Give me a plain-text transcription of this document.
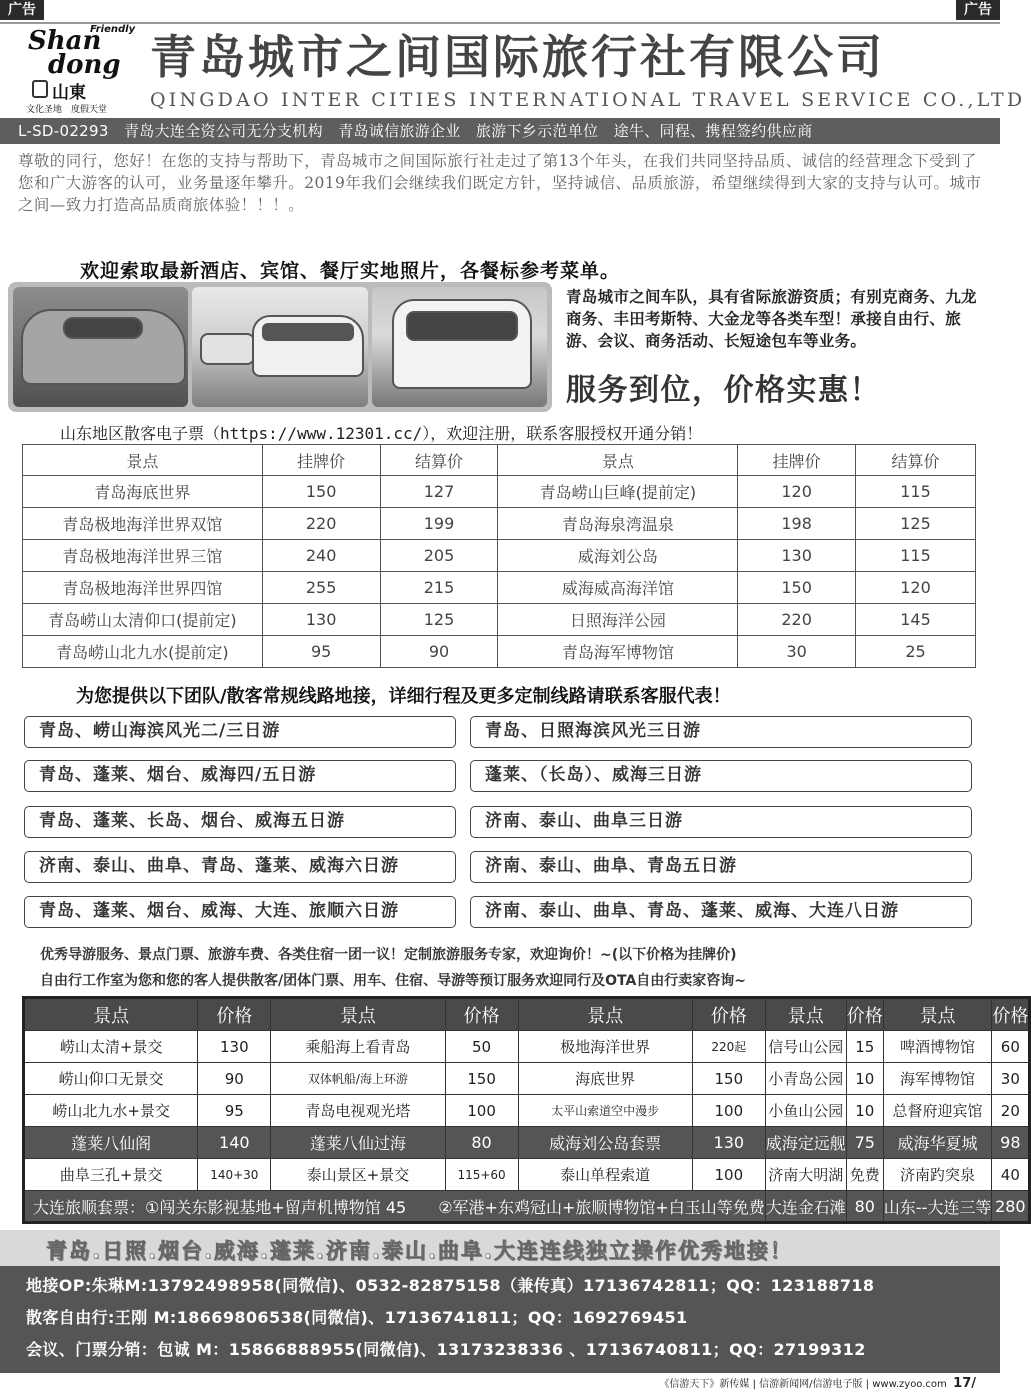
广告	广告
Friendly
Shan
dong
山東
文化圣地　度假天堂
青岛城市之间国际旅行社有限公司
QINGDAO INTER CITIES INTERNATIONAL TRAVEL SERVICE CO.,LTD
L-SD-02293　青岛大连全资公司无分支机构　青岛诚信旅游企业　旅游下乡示范单位　途牛、同程、携程签约供应商
尊敬的同行，您好！在您的支持与帮助下，青岛城市之间国际旅行社走过了第13个年头，在我们共同坚持品质、诚信的经营理念下受到了您和广大游客的认可，业务量逐年攀升。2019年我们会继续我们既定方针，坚持诚信、品质旅游，希望继续得到大家的支持与认可。城市之间—致力打造高品质商旅体验！！！。
欢迎索取最新酒店、宾馆、餐厅实地照片，各餐标参考菜单。
青岛城市之间车队，具有省际旅游资质；有别克商务、九龙商务、丰田考斯特、大金龙等各类车型！承接自由行、旅游、会议、商务活动、长短途包车等业务。
服务到位，价格实惠！
山东地区散客电子票（https://www.12301.cc/），欢迎注册，联系客服授权开通分销！
景点	挂牌价	结算价	景点	挂牌价	结算价
青岛海底世界	150	127	青岛崂山巨峰(提前定)	120	115
青岛极地海洋世界双馆	220	199	青岛海泉湾温泉	198	125
青岛极地海洋世界三馆	240	205	威海刘公岛	130	115
青岛极地海洋世界四馆	255	215	威海威高海洋馆	150	120
青岛崂山太清仰口(提前定)	130	125	日照海洋公园	220	145
青岛崂山北九水(提前定)	95	90	青岛海军博物馆	30	25
为您提供以下团队/散客常规线路地接，详细行程及更多定制线路请联系客服代表！
青岛、崂山海滨风光二/三日游	青岛、日照海滨风光三日游
青岛、蓬莱、烟台、威海四/五日游	蓬莱、（长岛）、威海三日游
青岛、蓬莱、长岛、烟台、威海五日游	济南、泰山、曲阜三日游
济南、泰山、曲阜、青岛、蓬莱、威海六日游	济南、泰山、曲阜、青岛五日游
青岛、蓬莱、烟台、威海、大连、旅顺六日游	济南、泰山、曲阜、青岛、蓬莱、威海、大连八日游
优秀导游服务、景点门票、旅游车费、各类住宿一团一议！定制旅游服务专家，欢迎询价！~(以下价格为挂牌价)
自由行工作室为您和您的客人提供散客/团体门票、用车、住宿、导游等预订服务欢迎同行及OTA自由行卖家咨询~
景点	价格	景点	价格	景点	价格	景点	价格	景点	价格
崂山太清+景交	130	乘船海上看青岛	50	极地海洋世界	220起	信号山公园	15	啤酒博物馆	60
崂山仰口无景交	90	双体帆船/海上环游	150	海底世界	150	小青岛公园	10	海军博物馆	30
崂山北九水+景交	95	青岛电视观光塔	100	太平山索道空中漫步	100	小鱼山公园	10	总督府迎宾馆	20
蓬莱八仙阁	140	蓬莱八仙过海	80	威海刘公岛套票	130	威海定远舰	75	威海华夏城	98
曲阜三孔+景交	140+30	泰山景区+景交	115+60	泰山单程索道	100	济南大明湖	免费	济南趵突泉	40
大连旅顺套票：①闯关东影视基地+留声机博物馆 45　　②军港+东鸡冠山+旅顺博物馆+白玉山等免费						大连金石滩	80	山东--大连三等	280
青岛.日照.烟台.威海.蓬莱.济南.泰山.曲阜.大连连线独立操作优秀地接！
地接OP:朱琳M:13792498958(同微信)、0532-82875158（兼传真）17136742811；QQ：123188718
散客自由行:王刚 M:18669806538(同微信)、17136741811；QQ：1692769451
会议、门票分销：包诚 M：15866888955(同微信)、13173238336 、17136740811；QQ：27199312
《信游天下》新传媒 | 信游新闻网/信游电子版 | www.zyoo.com 17/
